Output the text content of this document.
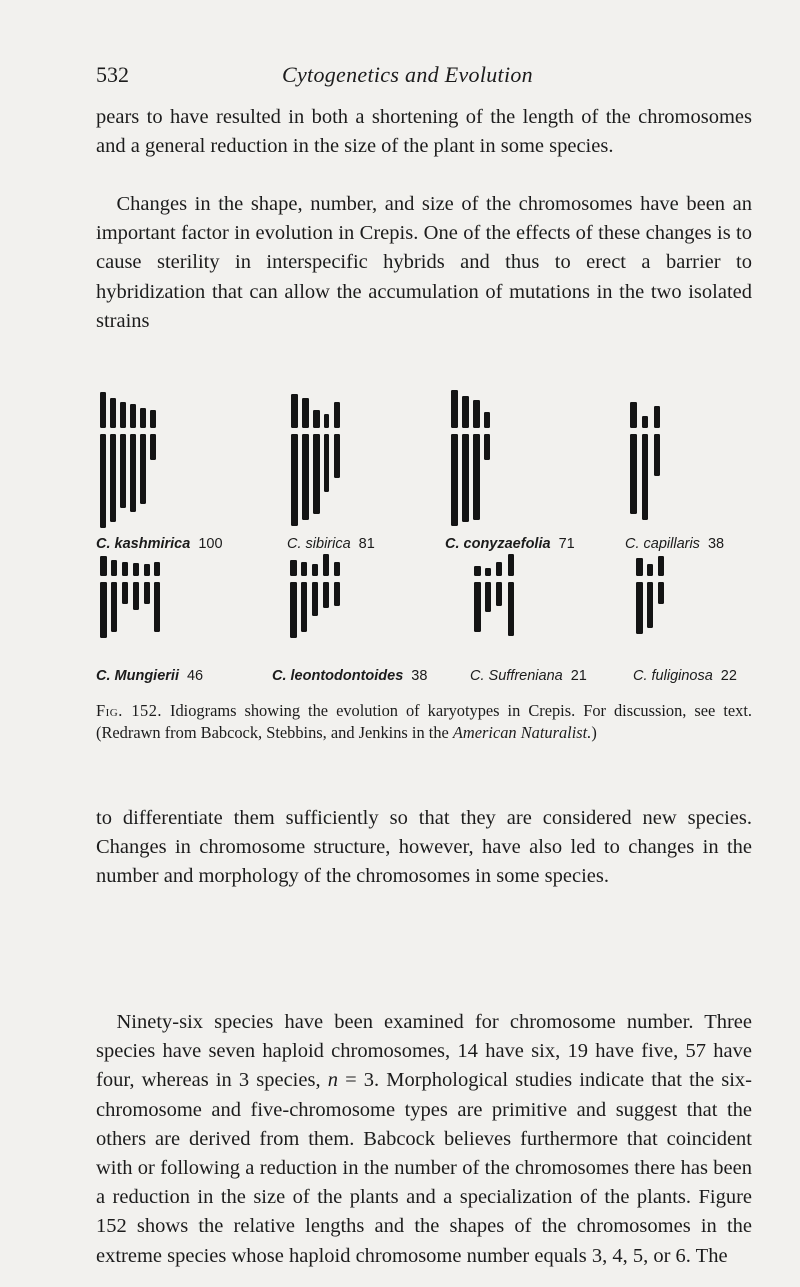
532	Cytogenetics and Evolution

pears to have resulted in both a shortening of the length of the chromosomes and a general reduction in the size of the plant in some species.

 Changes in the shape, number, and size of the chromosomes have been an important factor in evolution in Crepis. One of the effects of these changes is to cause sterility in interspecific hybrids and thus to erect a barrier to hybridization that can allow the accumulation of mutations in the two isolated strains

C. kashmirica 100	C. sibirica 81	C. conyzaefolia 71	C. capillaris 38
C. Mungierii 46	C. leontodontoides 38	C. Suffreniana 21	C. fuliginosa 22

Fig. 152. Idiograms showing the evolution of karyotypes in Crepis. For discussion, see text. (Redrawn from Babcock, Stebbins, and Jenkins in the American Naturalist.)

to differentiate them sufficiently so that they are considered new species. Changes in chromosome structure, however, have also led to changes in the number and morphology of the chromosomes in some species.

 Ninety-six species have been examined for chromosome number. Three species have seven haploid chromosomes, 14 have six, 19 have five, 57 have four, whereas in 3 species, n = 3. Morphological studies indicate that the six-chromosome and five-chromosome types are primitive and suggest that the others are derived from them. Babcock believes furthermore that coincident with or following a reduction in the number of the chromosomes there has been a reduction in the size of the plants and a specialization of the plants. Figure 152 shows the relative lengths and the shapes of the chromosomes in the extreme species whose haploid chromosome number equals 3, 4, 5, or 6. The
